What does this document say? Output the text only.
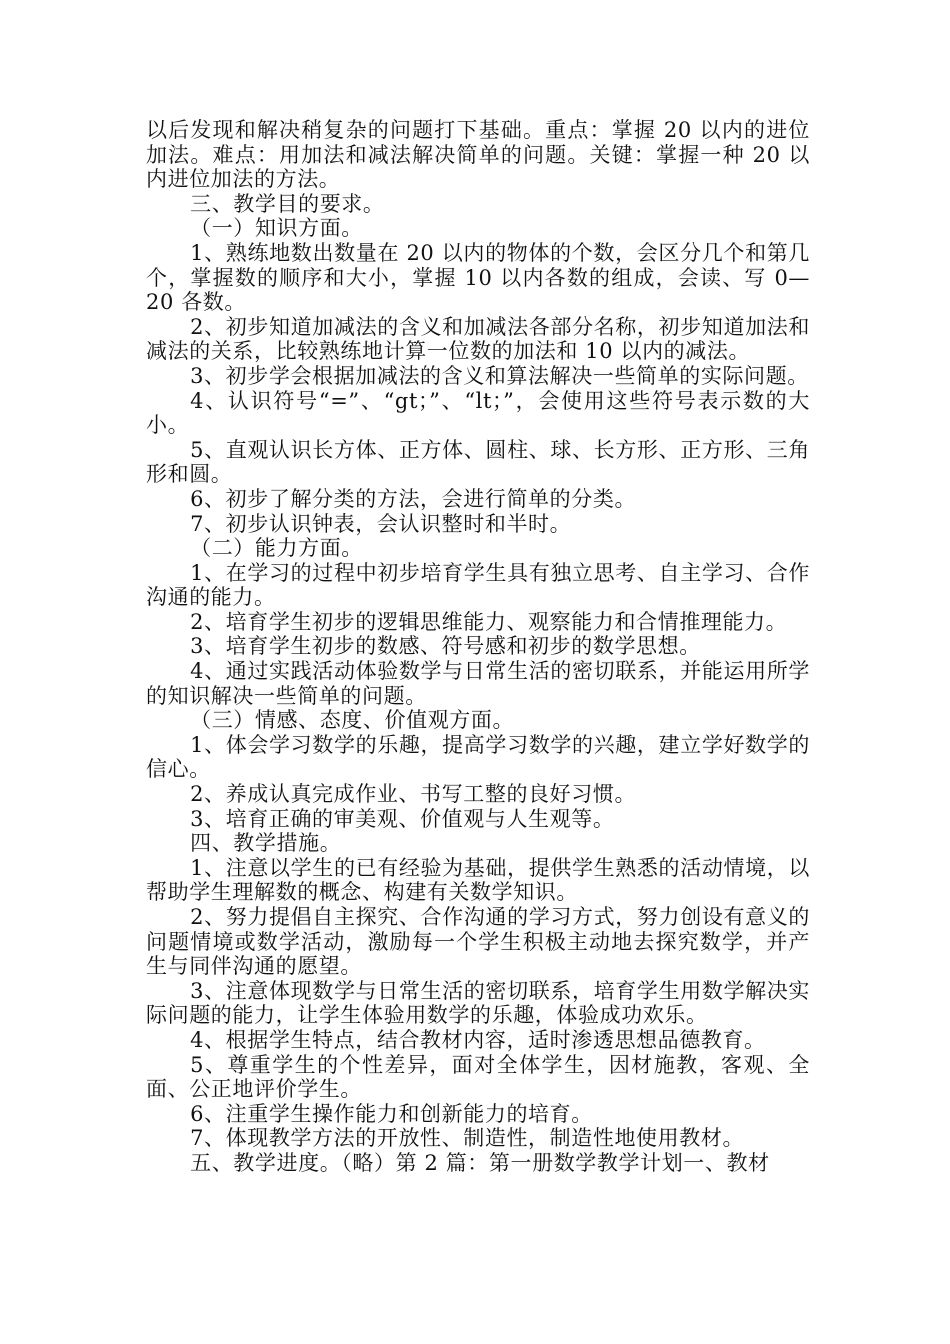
以后发现和解决稍复杂的问题打下基础。重点：掌握 20 以内的进位加法。难点：用加法和减法解决简单的问题。关键：掌握一种 20 以内进位加法的方法。

三、教学目的要求。

（一）知识方面。

1、熟练地数出数量在 20 以内的物体的个数，会区分几个和第几个，掌握数的顺序和大小，掌握 10 以内各数的组成，会读、写 0—20 各数。

2、初步知道加减法的含义和加减法各部分名称，初步知道加法和减法的关系，比较熟练地计算一位数的加法和 10 以内的减法。

3、初步学会根据加减法的含义和算法解决一些简单的实际问题。

4、认识符号“=”、“gt；”、“lt；”，会使用这些符号表示数的大小。

5、直观认识长方体、正方体、圆柱、球、长方形、正方形、三角形和圆。

6、初步了解分类的方法，会进行简单的分类。

7、初步认识钟表，会认识整时和半时。

（二）能力方面。

1、在学习的过程中初步培育学生具有独立思考、自主学习、合作沟通的能力。

2、培育学生初步的逻辑思维能力、观察能力和合情推理能力。

3、培育学生初步的数感、符号感和初步的数学思想。

4、通过实践活动体验数学与日常生活的密切联系，并能运用所学的知识解决一些简单的问题。

（三）情感、态度、价值观方面。

1、体会学习数学的乐趣，提高学习数学的兴趣，建立学好数学的信心。

2、养成认真完成作业、书写工整的良好习惯。

3、培育正确的审美观、价值观与人生观等。

四、教学措施。

1、注意以学生的已有经验为基础，提供学生熟悉的活动情境，以帮助学生理解数的概念、构建有关数学知识。

2、努力提倡自主探究、合作沟通的学习方式，努力创设有意义的问题情境或数学活动，激励每一个学生积极主动地去探究数学，并产生与同伴沟通的愿望。

3、注意体现数学与日常生活的密切联系，培育学生用数学解决实际问题的能力，让学生体验用数学的乐趣，体验成功欢乐。

4、根据学生特点，结合教材内容，适时渗透思想品德教育。

5、尊重学生的个性差异，面对全体学生，因材施教，客观、全面、公正地评价学生。

6、注重学生操作能力和创新能力的培育。

7、体现教学方法的开放性、制造性，制造性地使用教材。

五、教学进度。（略）第 2 篇：第一册数学教学计划一、教材
